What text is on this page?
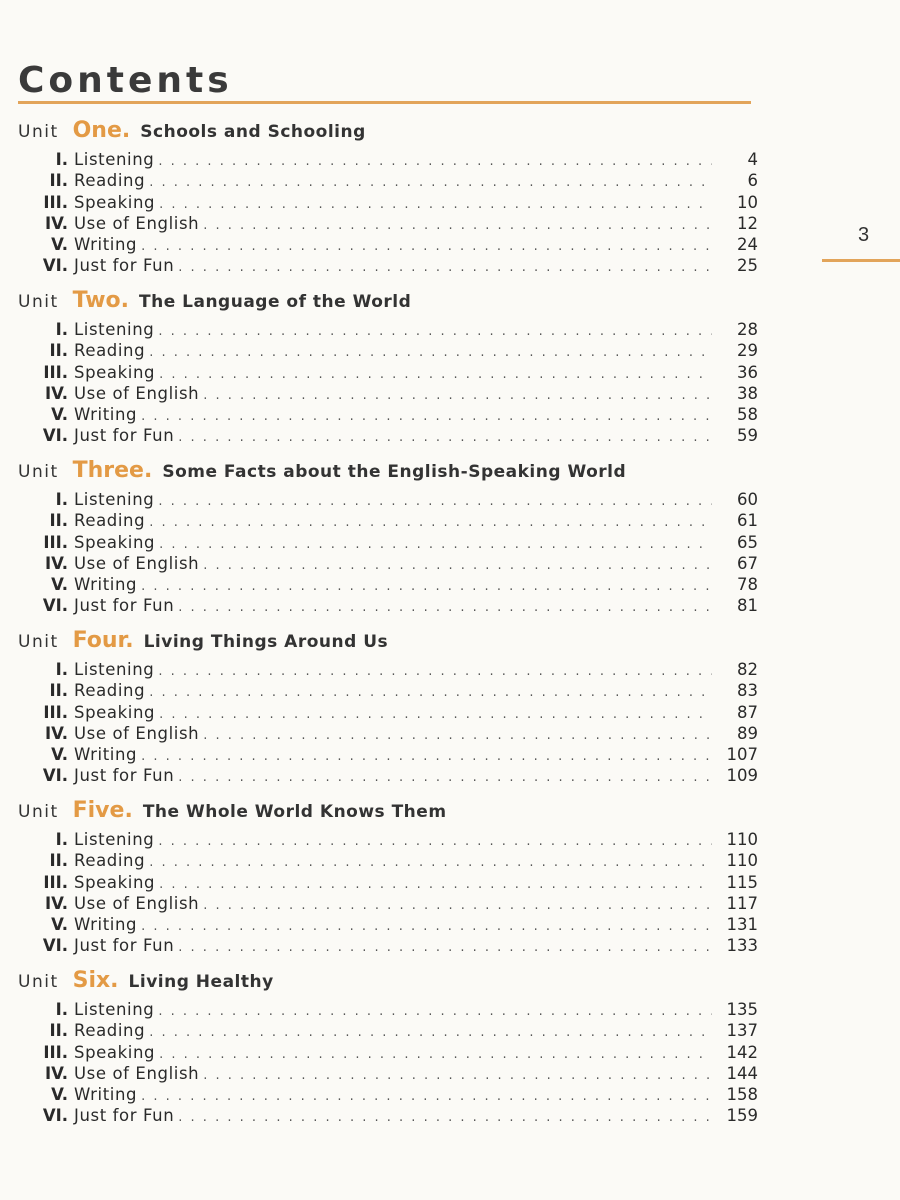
Contents
3
Unit One. Schools and Schooling
I. Listening . . .	4
II. Reading . . .	6
III. Speaking . . .	10
IV. Use of English . . .	12
V. Writing . . .	24
VI. Just for Fun . . .	25
Unit Two. The Language of the World
I. Listening . . .	28
II. Reading . . .	29
III. Speaking . . .	36
IV. Use of English . . .	38
V. Writing . . .	58
VI. Just for Fun . . .	59
Unit Three. Some Facts about the English-Speaking World
I. Listening . . .	60
II. Reading . . .	61
III. Speaking . . .	65
IV. Use of English . . .	67
V. Writing . . .	78
VI. Just for Fun . . .	81
Unit Four. Living Things Around Us
I. Listening . . .	82
II. Reading . . .	83
III. Speaking . . .	87
IV. Use of English . . .	89
V. Writing . . .	107
VI. Just for Fun . . .	109
Unit Five. The Whole World Knows Them
I. Listening . . .	110
II. Reading . . .	110
III. Speaking . . .	115
IV. Use of English . . .	117
V. Writing . . .	131
VI. Just for Fun . . .	133
Unit Six. Living Healthy
I. Listening . . .	135
II. Reading . . .	137
III. Speaking . . .	142
IV. Use of English . . .	144
V. Writing . . .	158
VI. Just for Fun . . .	159
